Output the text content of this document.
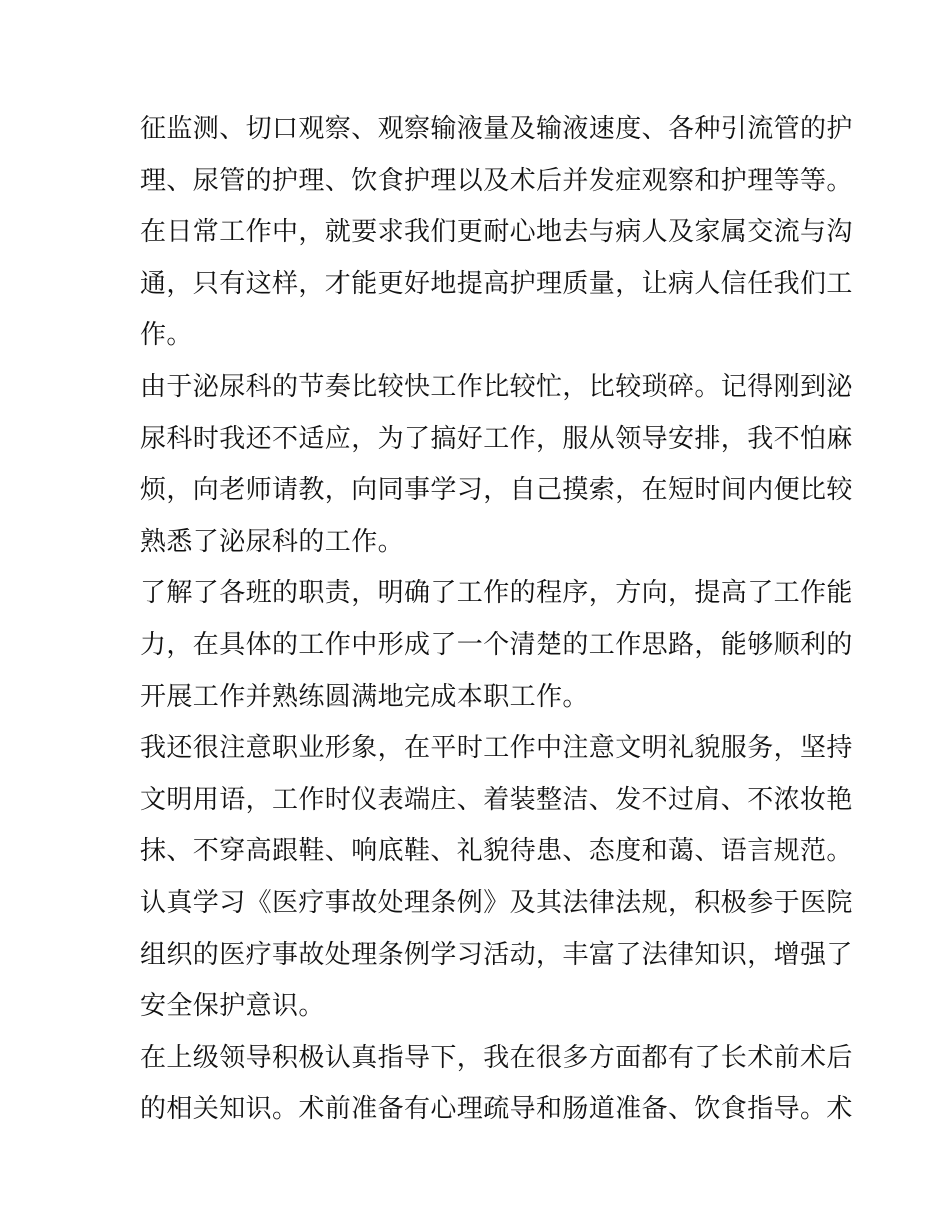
征监测、切口观察、观察输液量及输液速度、各种引流管的护
理、尿管的护理、饮食护理以及术后并发症观察和护理等等。
在日常工作中，就要求我们更耐心地去与病人及家属交流与沟
通，只有这样，才能更好地提高护理质量，让病人信任我们工
作。
由于泌尿科的节奏比较快工作比较忙，比较琐碎。记得刚到泌
尿科时我还不适应，为了搞好工作，服从领导安排，我不怕麻
烦，向老师请教，向同事学习，自己摸索，在短时间内便比较
熟悉了泌尿科的工作。
了解了各班的职责，明确了工作的程序，方向，提高了工作能
力，在具体的工作中形成了一个清楚的工作思路，能够顺利的
开展工作并熟练圆满地完成本职工作。
我还很注意职业形象，在平时工作中注意文明礼貌服务，坚持
文明用语，工作时仪表端庄、着装整洁、发不过肩、不浓妆艳
抹、不穿高跟鞋、响底鞋、礼貌待患、态度和蔼、语言规范。
认真学习《医疗事故处理条例》及其法律法规，积极参于医院
组织的医疗事故处理条例学习活动，丰富了法律知识，增强了
安全保护意识。
在上级领导积极认真指导下，我在很多方面都有了长术前术后
的相关知识。术前准备有心理疏导和肠道准备、饮食指导。术
